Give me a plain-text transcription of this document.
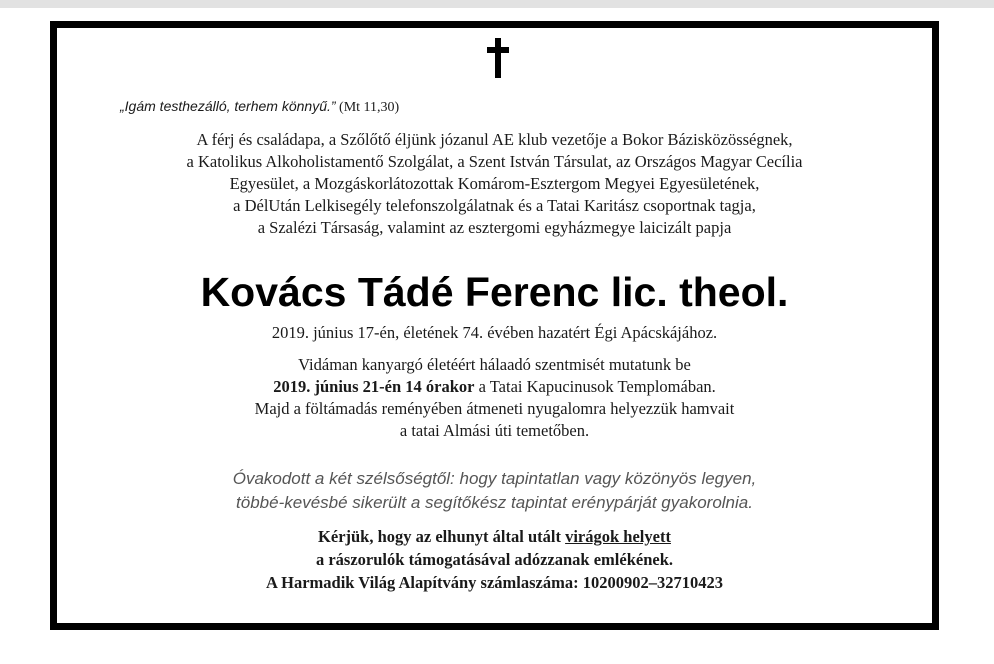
„Igám testhezálló, terhem könnyű.” (Mt 11,30)
A férj és családapa, a Szőlőtő éljünk józanul AE klub vezetője a Bokor Bázisközösségnek,
a Katolikus Alkoholistamentő Szolgálat, a Szent István Társulat, az Országos Magyar Cecília
Egyesület, a Mozgáskorlátozottak Komárom-Esztergom Megyei Egyesületének,
a DélUtán Lelkisegély telefonszolgálatnak és a Tatai Karitász csoportnak tagja,
a Szalézi Társaság, valamint az esztergomi egyházmegye laicizált papja
Kovács Tádé Ferenc lic. theol.
2019. június 17-én, életének 74. évében hazatért Égi Apácskájához.
Vidáman kanyargó életéért hálaadó szentmisét mutatunk be
2019. június 21-én 14 órakor a Tatai Kapucinusok Templomában.
Majd a föltámadás reményében átmeneti nyugalomra helyezzük hamvait
a tatai Almási úti temetőben.
Óvakodott a két szélsőségtől: hogy tapintatlan vagy közönyös legyen,
többé-kevésbé sikerült a segítőkész tapintat erénypárját gyakorolnia.
Kérjük, hogy az elhunyt által utált virágok helyett
a rászorulók támogatásával adózzanak emlékének.
A Harmadik Világ Alapítvány számlaszáma: 10200902–32710423
